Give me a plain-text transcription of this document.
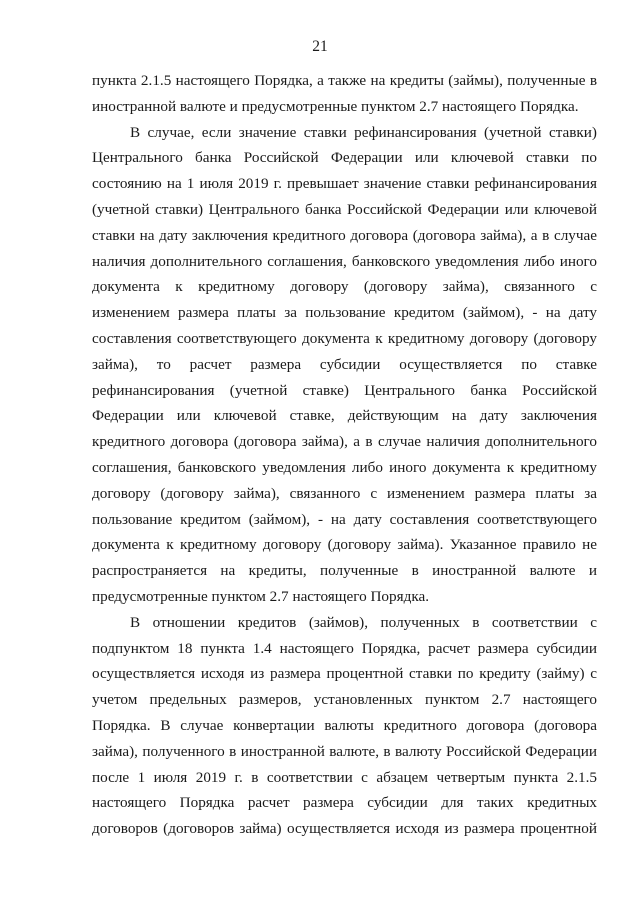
21
пункта 2.1.5 настоящего Порядка, а также на кредиты (займы), полученные в
иностранной валюте и предусмотренные пунктом 2.7 настоящего Порядка.
В случае, если значение ставки рефинансирования (учетной ставки)
Центрального банка Российской Федерации или ключевой ставки по
состоянию на 1 июля 2019 г. превышает значение ставки рефинансирования
(учетной ставки) Центрального банка Российской Федерации или ключевой
ставки на дату заключения кредитного договора (договора займа), а в случае
наличия дополнительного соглашения, банковского уведомления либо иного
документа к кредитному договору (договору займа), связанного с
изменением размера платы за пользование кредитом (займом), - на дату
составления соответствующего документа к кредитному договору (договору
займа), то расчет размера субсидии осуществляется по ставке
рефинансирования (учетной ставке) Центрального банка Российской
Федерации или ключевой ставке, действующим на дату заключения
кредитного договора (договора займа), а в случае наличия дополнительного
соглашения, банковского уведомления либо иного документа к кредитному
договору (договору займа), связанного с изменением размера платы за
пользование кредитом (займом), - на дату составления соответствующего
документа к кредитному договору (договору займа). Указанное правило не
распространяется на кредиты, полученные в иностранной валюте и
предусмотренные пунктом 2.7 настоящего Порядка.
В отношении кредитов (займов), полученных в соответствии с
подпунктом 18 пункта 1.4 настоящего Порядка, расчет размера субсидии
осуществляется исходя из размера процентной ставки по кредиту (займу) с
учетом предельных размеров, установленных пунктом 2.7 настоящего
Порядка. В случае конвертации валюты кредитного договора (договора
займа), полученного в иностранной валюте, в валюту Российской Федерации
после 1 июля 2019 г. в соответствии с абзацем четвертым пункта 2.1.5
настоящего Порядка расчет размера субсидии для таких кредитных
договоров (договоров займа) осуществляется исходя из размера процентной
